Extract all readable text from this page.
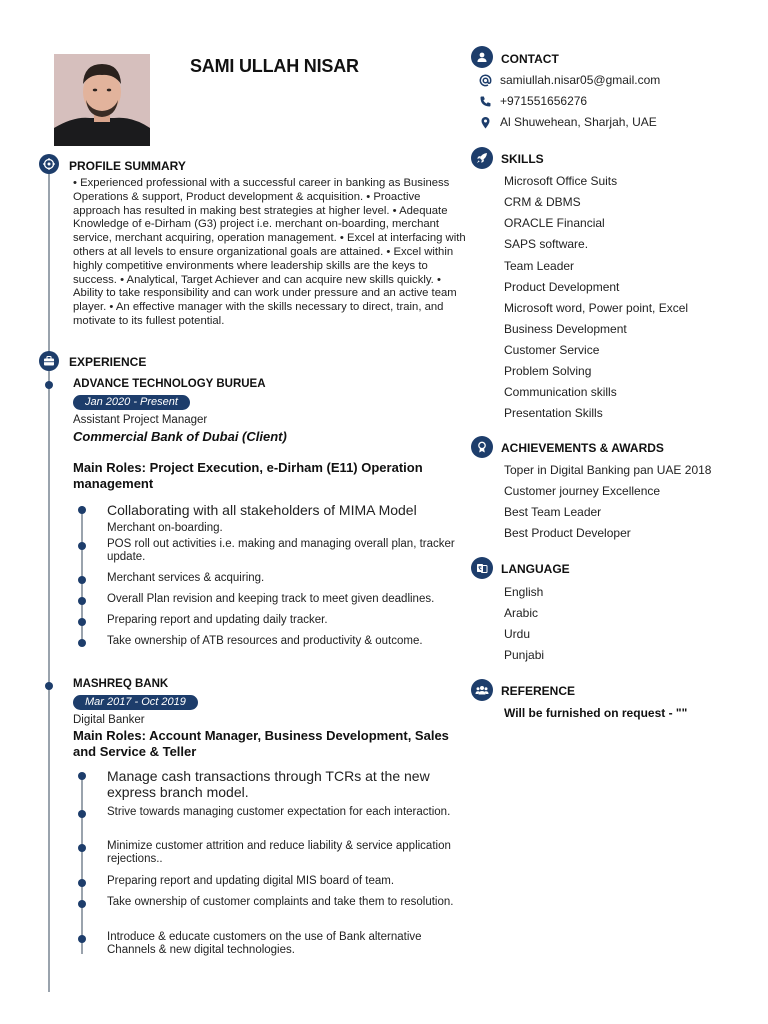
SAMI ULLAH NISAR
PROFILE SUMMARY
• Experienced professional with a successful career in banking as Business Operations & support, Product development & acquisition. • Proactive approach has resulted in making best strategies at higher level. • Adequate Knowledge of e-Dirham (G3) project i.e. merchant on-boarding, merchant service, merchant acquiring, operation management. • Excel at interfacing with others at all levels to ensure organizational goals are attained. • Excel within highly competitive environments where leadership skills are the keys to success. • Analytical, Target Achiever and can acquire new skills quickly. • Ability to take responsibility and can work under pressure and an active team player. • An effective manager with the skills necessary to direct, train, and motivate to its fullest potential.
EXPERIENCE
ADVANCE TECHNOLOGY BURUEA
Jan 2020 - Present
Assistant Project Manager
Commercial Bank of Dubai (Client)
Main Roles: Project Execution, e-Dirham (E11) Operation management
Collaborating with all stakeholders of MIMA Model Merchant on-boarding.
POS roll out activities i.e. making and managing overall plan, tracker update.
Merchant services & acquiring.
Overall Plan revision and keeping track to meet given deadlines.
Preparing report and updating daily tracker.
Take ownership of ATB resources and productivity & outcome.
MASHREQ BANK
Mar 2017 - Oct 2019
Digital Banker
Main Roles: Account Manager, Business Development, Sales and Service & Teller
Manage cash transactions through TCRs at the new express branch model.
Strive towards managing customer expectation for each interaction.
Minimize customer attrition and reduce liability & service application rejections..
Preparing report and updating digital MIS board of team.
Take ownership of customer complaints and take them to resolution.
Introduce & educate customers on the use of Bank alternative Channels & new digital technologies.
CONTACT
samiullah.nisar05@gmail.com
+971551656276
Al Shuwehean, Sharjah, UAE
SKILLS
Microsoft Office Suits
CRM & DBMS
ORACLE Financial
SAPS software.
Team Leader
Product Development
Microsoft word, Power point, Excel
Business Development
Customer Service
Problem Solving
Communication skills
Presentation Skills
ACHIEVEMENTS & AWARDS
Toper in Digital Banking pan UAE 2018
Customer journey Excellence
Best Team Leader
Best Product Developer
LANGUAGE
English
Arabic
Urdu
Punjabi
REFERENCE
Will be furnished on request - ""
